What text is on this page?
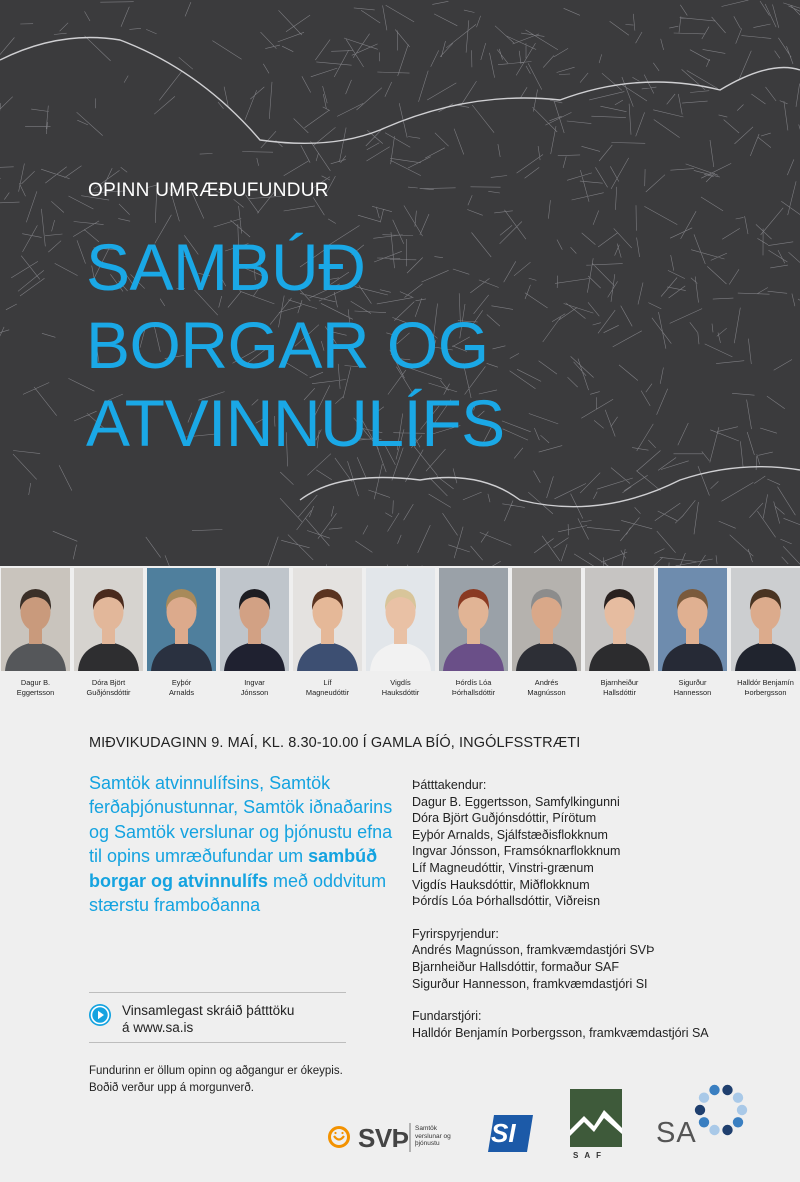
OPINN UMRÆÐUFUNDUR
SAMBÚÐ
BORGAR OG
ATVINNULÍFS
Dagur B.
Eggertsson
Dóra Björt
Guðjónsdóttir
Eyþór
Arnalds
Ingvar
Jónsson
Líf
Magneudóttir
Vigdís
Hauksdóttir
Þórdís Lóa
Þórhallsdóttir
Andrés
Magnússon
Bjarnheiður
Hallsdóttir
Sigurður
Hannesson
Halldór Benjamín
Þorbergsson
MIÐVIKUDAGINN 9. MAÍ, KL. 8.30-10.00 Í GAMLA BÍÓ, INGÓLFSSTRÆTI
Samtök atvinnulífsins, Samtök ferðaþjónustunnar, Samtök iðnaðarins og Samtök verslunar og þjónustu efna til opins umræðufundar um sambúð borgar og atvinnulífs með oddvitum stærstu framboðanna
Vinsamlegast skráið þátttöku
á www.sa.is
Fundurinn er öllum opinn og aðgangur er ókeypis.
Boðið verður upp á morgunverð.
Þátttakendur:
Dagur B. Eggertsson, Samfylkingunni
Dóra Björt Guðjónsdóttir, Pírötum
Eyþór Arnalds, Sjálfstæðisflokknum
Ingvar Jónsson, Framsóknarflokknum
Líf Magneudóttir, Vinstri-grænum
Vigdís Hauksdóttir, Miðflokknum
Þórdís Lóa Þórhallsdóttir, Viðreisn
Fyrirspyrjendur:
Andrés Magnússon, framkvæmdastjóri SVÞ
Bjarnheiður Hallsdóttir, formaður SAF
Sigurður Hannesson, framkvæmdastjóri SI
Fundarstjóri:
Halldór Benjamín Þorbergsson, framkvæmdastjóri SA
SVÞ Samtök
verslunar og
þjónustu	SI
SAF
SA
